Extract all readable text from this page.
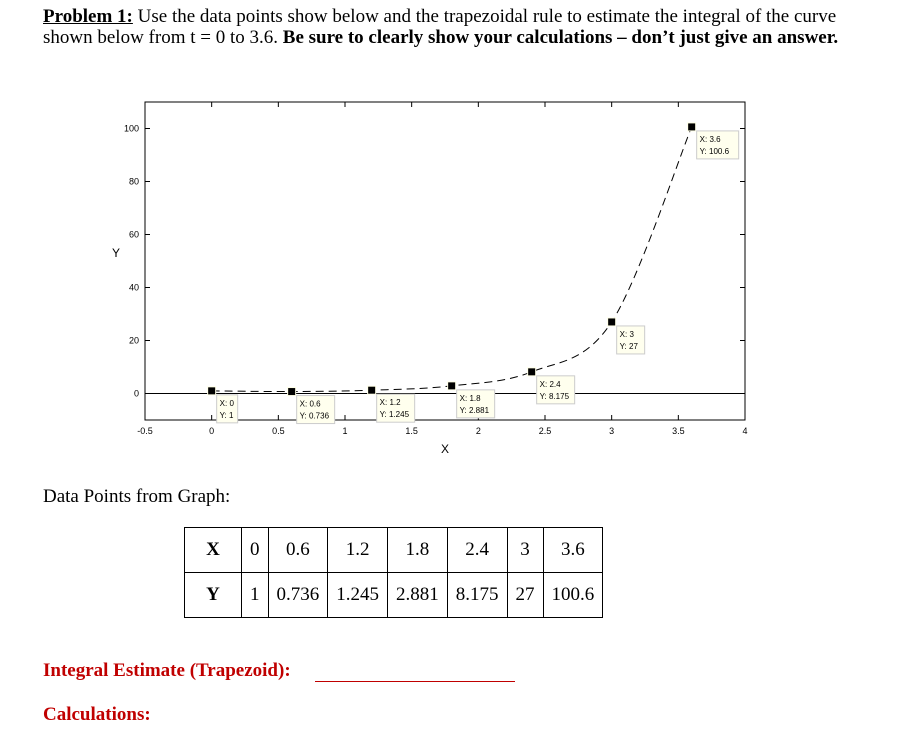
Problem 1: Use the data points show below and the trapezoidal rule to estimate the integral of the curve shown below from t = 0 to 3.6. Be sure to clearly show your calculations – don’t just give an answer.
-0.5	0	0.5	1	1.5	2	2.5	3	3.5	4
0
20
40
60
80
100
X
Y
X: 0
Y: 1
X: 0.6
Y: 0.736
X: 1.2
Y: 1.245
X: 1.8
Y: 2.881
X: 2.4
Y: 8.175
X: 3
Y: 27
X: 3.6
Y: 100.6
Data Points from Graph:
X	0	0.6	1.2	1.8	2.4	3	3.6
Y	1	0.736	1.245	2.881	8.175	27	100.6
Integral Estimate (Trapezoid):
Calculations:
